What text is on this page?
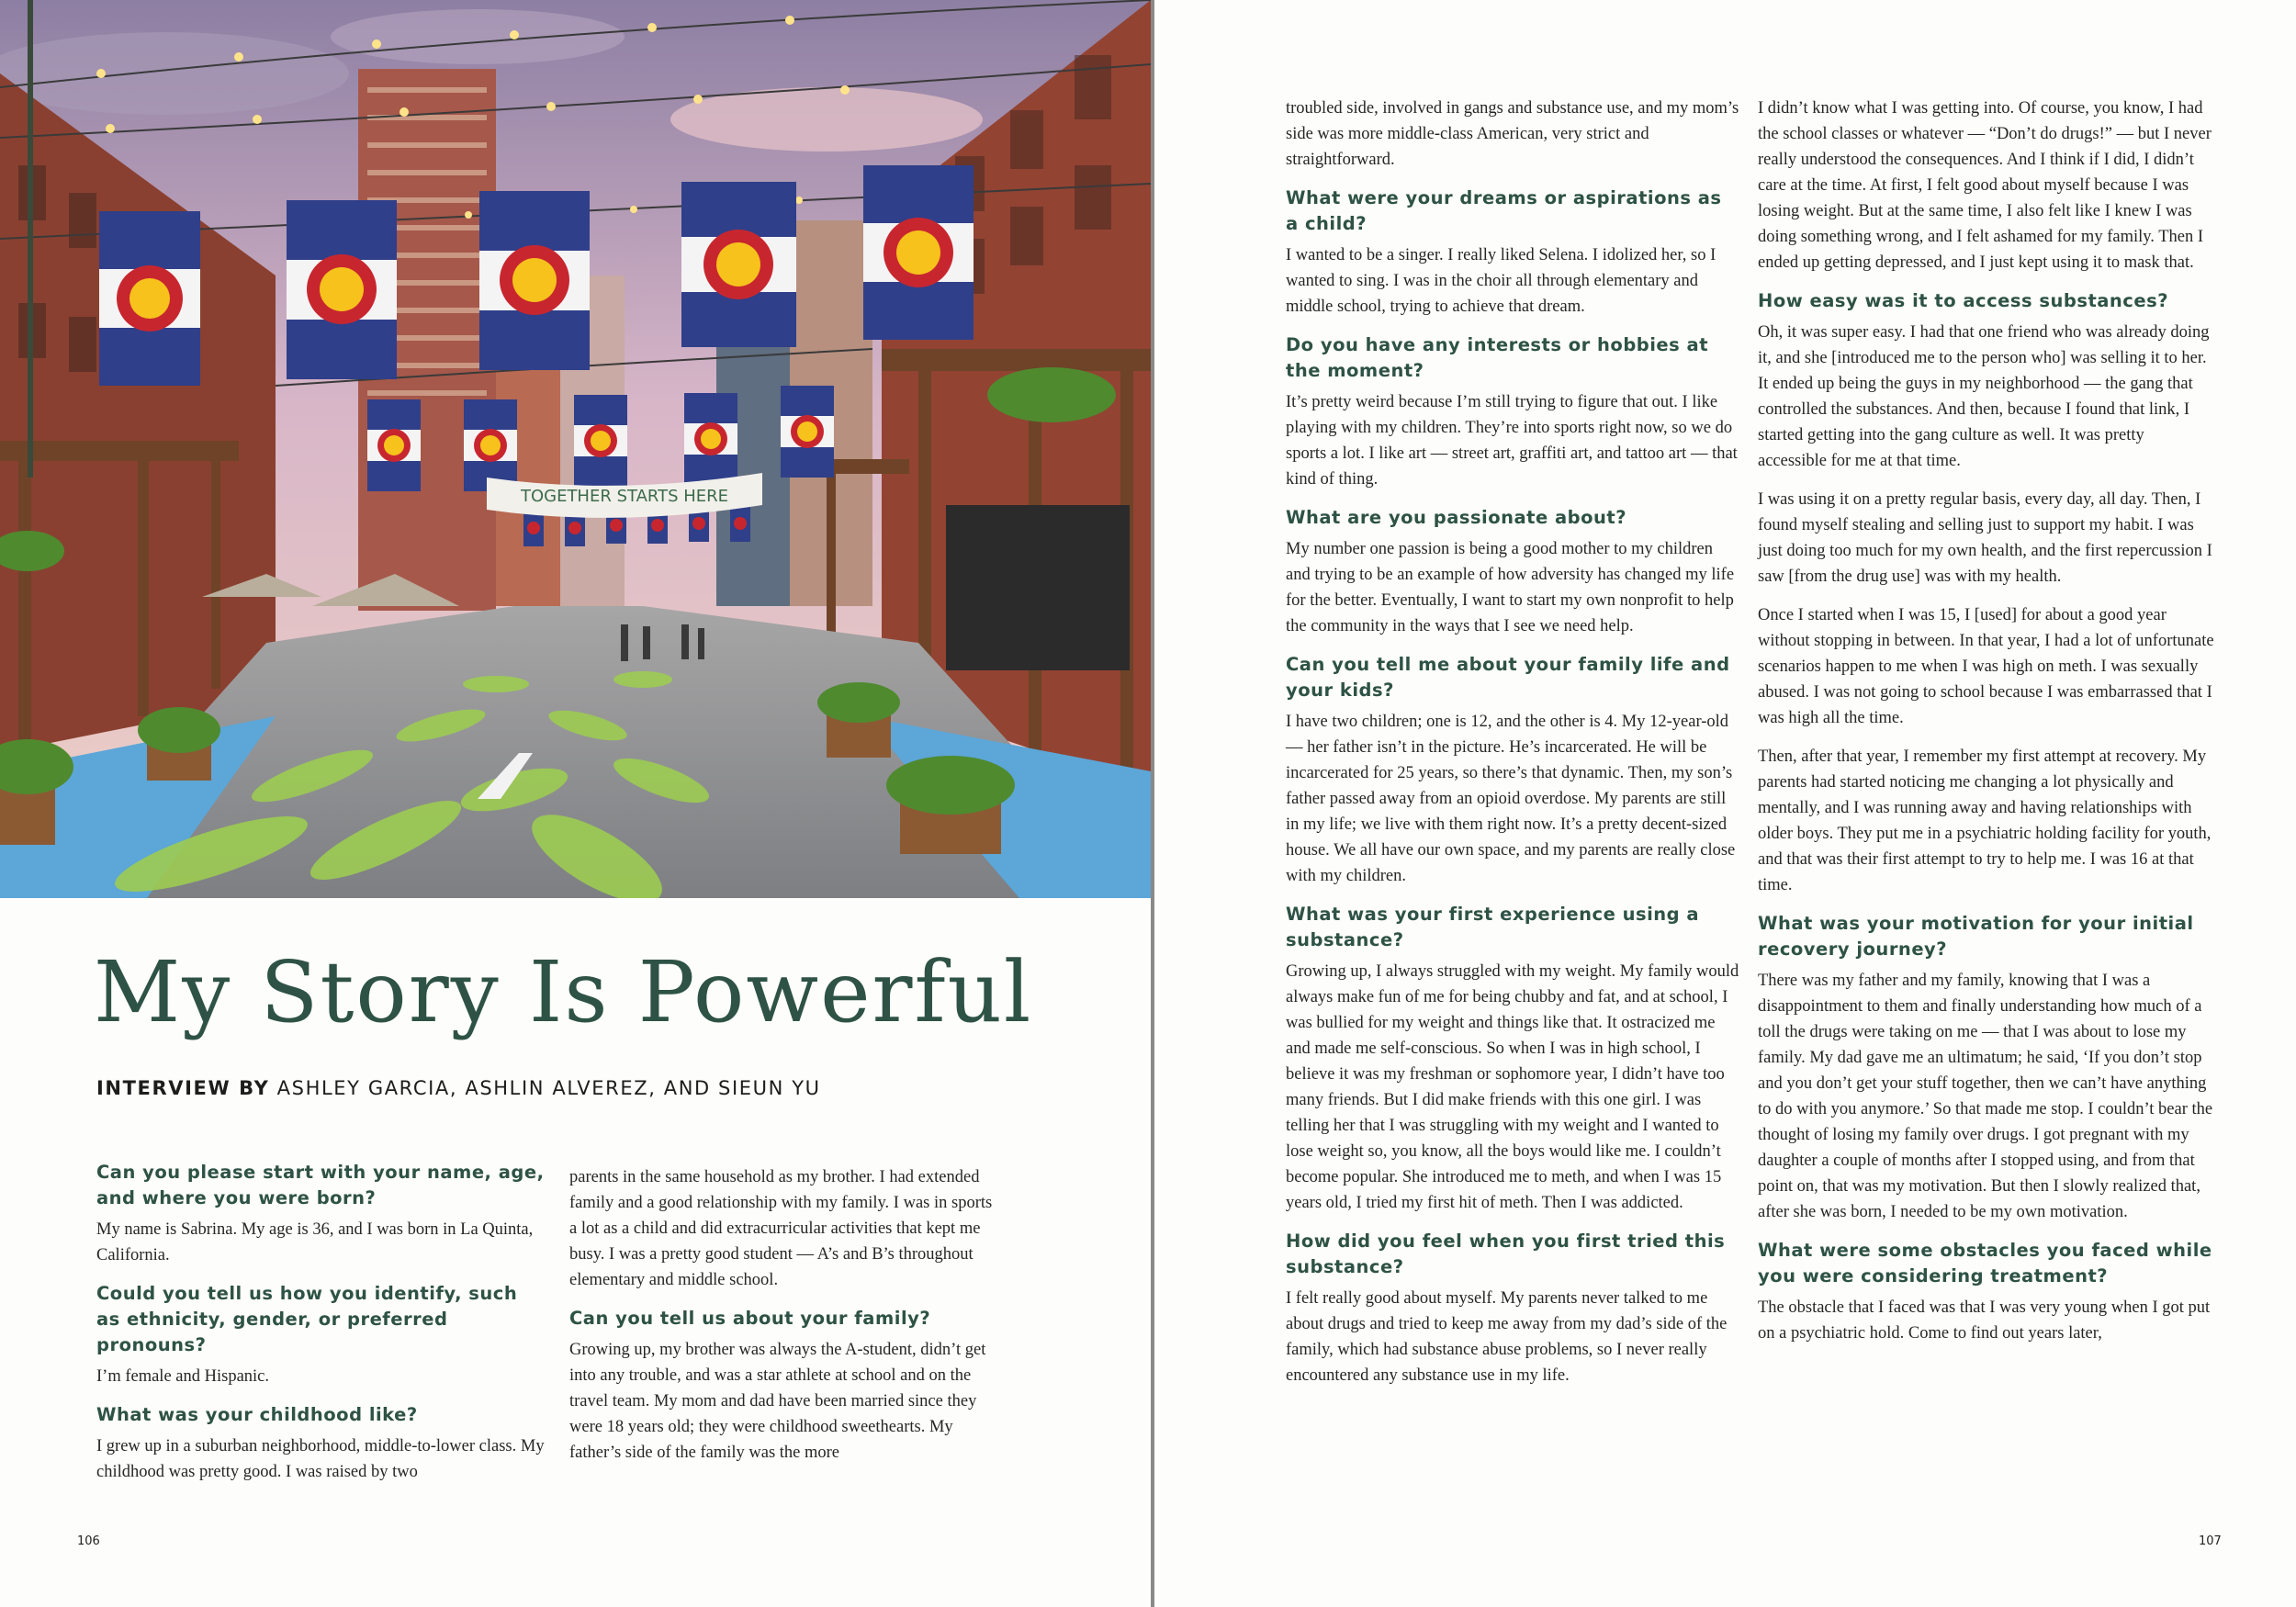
TOGETHER STARTS HERE
My Story Is Powerful
INTERVIEW BY ASHLEY GARCIA, ASHLIN ALVEREZ, AND SIEUN YU
Can you please start with your name, age, and where you were born?

My name is Sabrina. My age is 36, and I was born in La Quinta, California.

Could you tell us how you identify, such as ethnicity, gender, or preferred pronouns?

I’m female and Hispanic.

What was your childhood like?

I grew up in a suburban neighborhood, middle-to-lower class. My childhood was pretty good. I was raised by two

parents in the same household as my brother. I had extended family and a good relationship with my family. I was in sports a lot as a child and did extracurricular activities that kept me busy. I was a pretty good student — A’s and B’s throughout elementary and middle school.

Can you tell us about your family?

Growing up, my brother was always the A-student, didn’t get into any trouble, and was a star athlete at school and on the travel team. My mom and dad have been married since they were 18 years old; they were childhood sweethearts. My father’s side of the family was the more

106

troubled side, involved in gangs and substance use, and my mom’s side was more middle-class American, very strict and straightforward.

What were your dreams or aspirations as a child?

I wanted to be a singer. I really liked Selena. I idolized her, so I wanted to sing. I was in the choir all through elementary and middle school, trying to achieve that dream.

Do you have any interests or hobbies at the moment?

It’s pretty weird because I’m still trying to figure that out. I like playing with my children. They’re into sports right now, so we do sports a lot. I like art — street art, graffiti art, and tattoo art — that kind of thing.

What are you passionate about?

My number one passion is being a good mother to my children and trying to be an example of how adversity has changed my life for the better. Eventually, I want to start my own nonprofit to help the community in the ways that I see we need help.

Can you tell me about your family life and your kids?

I have two children; one is 12, and the other is 4. My 12-year-old — her father isn’t in the picture. He’s incarcerated. He will be incarcerated for 25 years, so there’s that dynamic. Then, my son’s father passed away from an opioid overdose. My parents are still in my life; we live with them right now. It’s a pretty decent-sized house. We all have our own space, and my parents are really close with my children.

What was your first experience using a substance?

Growing up, I always struggled with my weight. My family would always make fun of me for being chubby and fat, and at school, I was bullied for my weight and things like that. It ostracized me and made me self-conscious. So when I was in high school, I believe it was my freshman or sophomore year, I didn’t have too many friends. But I did make friends with this one girl. I was telling her that I was struggling with my weight and I wanted to lose weight so, you know, all the boys would like me. I couldn’t become popular. She introduced me to meth, and when I was 15 years old, I tried my first hit of meth. Then I was addicted.

How did you feel when you first tried this substance?

I felt really good about myself. My parents never talked to me about drugs and tried to keep me away from my dad’s side of the family, which had substance abuse problems, so I never really encountered any substance use in my life.

I didn’t know what I was getting into. Of course, you know, I had the school classes or whatever — “Don’t do drugs!” — but I never really understood the consequences. And I think if I did, I didn’t care at the time. At first, I felt good about myself because I was losing weight. But at the same time, I also felt like I knew I was doing something wrong, and I felt ashamed for my family. Then I ended up getting depressed, and I just kept using it to mask that.

How easy was it to access substances?

Oh, it was super easy. I had that one friend who was already doing it, and she [introduced me to the person who] was selling it to her. It ended up being the guys in my neighborhood — the gang that controlled the substances. And then, because I found that link, I started getting into the gang culture as well. It was pretty accessible for me at that time.

I was using it on a pretty regular basis, every day, all day. Then, I found myself stealing and selling just to support my habit. I was just doing too much for my own health, and the first repercussion I saw [from the drug use] was with my health.

Once I started when I was 15, I [used] for about a good year without stopping in between. In that year, I had a lot of unfortunate scenarios happen to me when I was high on meth. I was sexually abused. I was not going to school because I was embarrassed that I was high all the time.

Then, after that year, I remember my first attempt at recovery. My parents had started noticing me changing a lot physically and mentally, and I was running away and having relationships with older boys. They put me in a psychiatric holding facility for youth, and that was their first attempt to try to help me. I was 16 at that time.

What was your motivation for your initial recovery journey?

There was my father and my family, knowing that I was a disappointment to them and finally understanding how much of a toll the drugs were taking on me — that I was about to lose my family. My dad gave me an ultimatum; he said, ‘If you don’t stop and you don’t get your stuff together, then we can’t have anything to do with you anymore.’ So that made me stop. I couldn’t bear the thought of losing my family over drugs. I got pregnant with my daughter a couple of months after I stopped using, and from that point on, that was my motivation. But then I slowly realized that, after she was born, I needed to be my own motivation.

What were some obstacles you faced while you were considering treatment?

The obstacle that I faced was that I was very young when I got put on a psychiatric hold. Come to find out years later,

107
